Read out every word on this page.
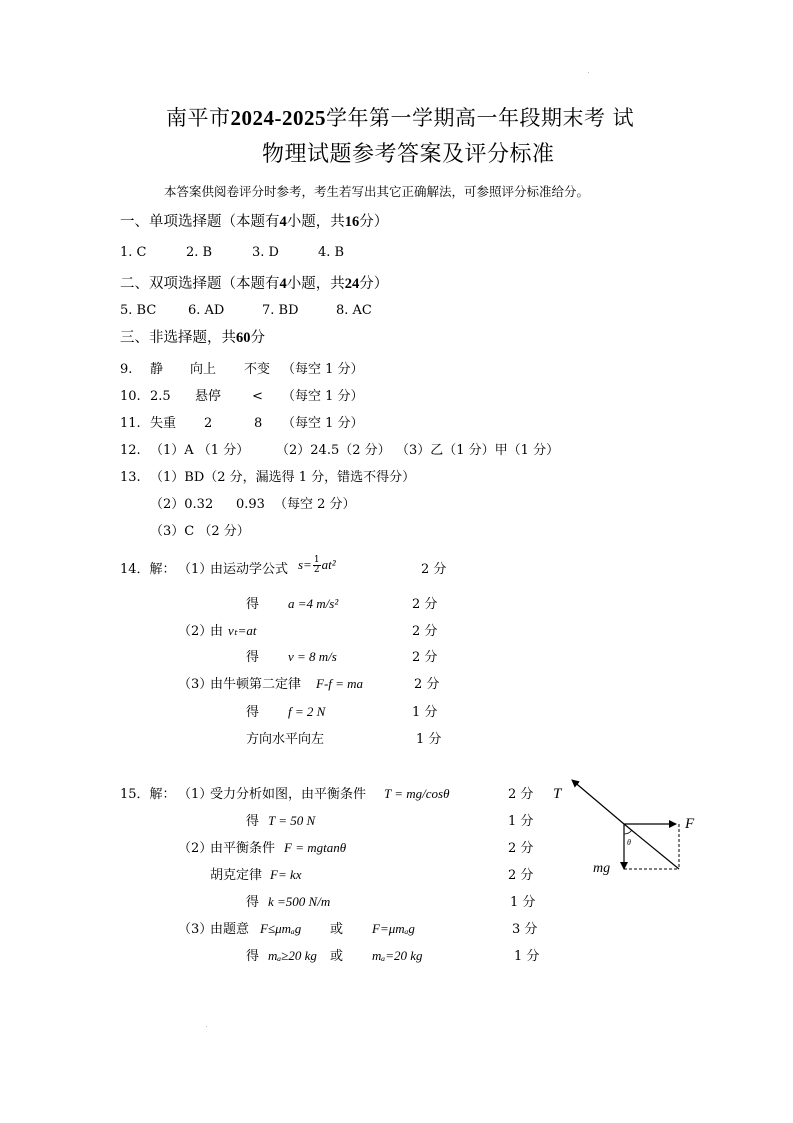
南平市2024-2025学年第一学期高一年段期末考 试
物理试题参考答案及评分标准
本答案供阅卷评分时参考，考生若写出其它正确解法，可参照评分标准给分。
一、单项选择题（本题有4小题，共16分）
1. C	2. B	3. D	4. B
二、双项选择题（本题有4小题，共24分）
5. BC 6. AD	7. BD	8. AC
三、非选择题，共60分
9. 静 向上 不变 （每空 1 分）
10. 2.5 悬停 < （每空 1 分）
11. 失重 2	8 （每空 1 分）
12. （1）A （1 分） （2）24.5（2 分） （3）乙（1 分）甲（1 分）
13. （1）BD（2 分，漏选得 1 分，错选不得分）
（2）0.32 0.93 （每空 2 分）
（3）C （2 分）
14．解： （1）
由运动学公式 $s= \frac{1}{2} at^2$	2 分
得 a =4 m/s²	2 分
（2）
由 vₜ=at	2 分
得 v = 8 m/s	2 分
（3）
由牛顿第二定律 F-f = ma	2 分
得 f = 2 N	1 分
方向水平向左	1 分
15．解： （1）
受力分析如图，由平衡条件 T = mg/cosθ	2 分
得 T = 50 N	1 分
（2）
由平衡条件 F = mgtanθ	2 分
胡克定律 F= kx	2 分
得 k =500 N/m	1 分
（3）
由题意 F≤μmₐg 或 F=μmₐg	3 分
得 mₐ≥20 kg 或 mₐ=20 kg	1 分
T
F
mg
θ
